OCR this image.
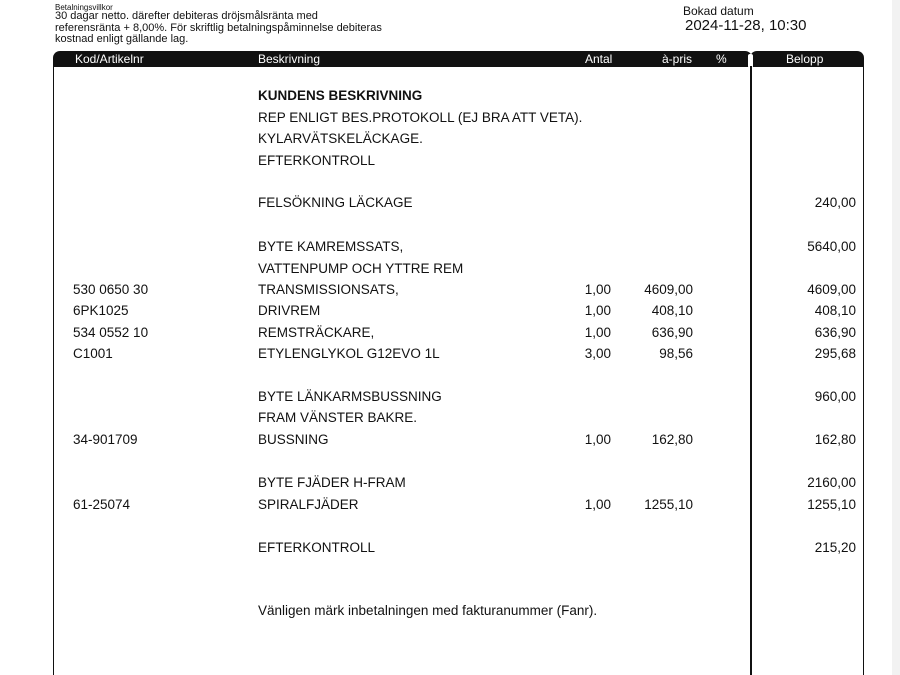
Betalningsvillkor
30 dagar netto. därefter debiteras dröjsmålsränta med referensränta + 8,00%. För skriftlig betalningspåminnelse debiteras kostnad enligt gällande lag.
Bokad datum
2024-11-28, 10:30
Kod/Artikelnr	Beskrivning	Antal	à-pris %	Belopp
KUNDENS BESKRIVNING
REP ENLIGT BES.PROTOKOLL (EJ BRA ATT VETA).
KYLARVÄTSKELÄCKAGE.
EFTERKONTROLL
FELSÖKNING LÄCKAGE	240,00
BYTE KAMREMSSATS,	5640,00
VATTENPUMP OCH YTTRE REM
530 0650 30	TRANSMISSIONSATS,	1,00	4609,00	4609,00
6PK1025	DRIVREM	1,00	408,10	408,10
534 0552 10	REMSTRÄCKARE,	1,00	636,90	636,90
C1001	ETYLENGLYKOL G12EVO 1L	3,00	98,56	295,68
BYTE LÄNKARMSBUSSNING	960,00
FRAM VÄNSTER BAKRE.
34-901709	BUSSNING	1,00	162,80	162,80
BYTE FJÄDER H-FRAM	2160,00
61-25074	SPIRALFJÄDER	1,00	1255,10	1255,10
EFTERKONTROLL	215,20
Vänligen märk inbetalningen med fakturanummer (Fanr).
